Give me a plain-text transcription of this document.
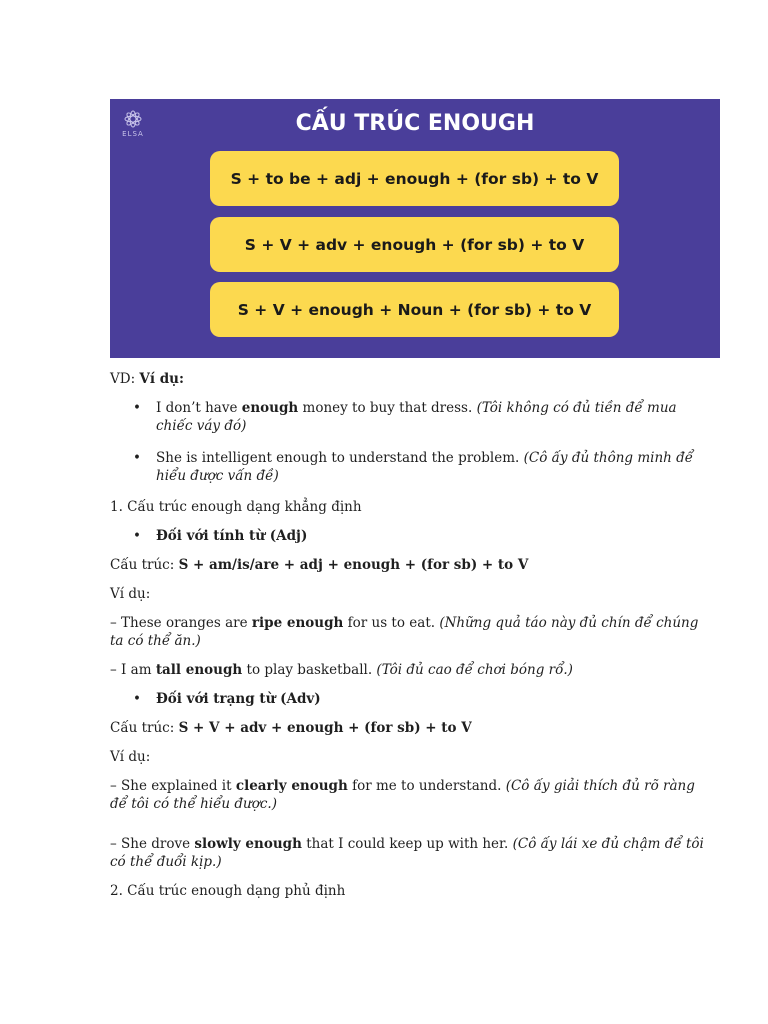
ELSA	CẤU TRÚC ENOUGH
S + to be + adj + enough + (for sb) + to V
S + V + adv + enough + (for sb) + to V
S + V + enough + Noun + (for sb) + to V

VD: Ví dụ:

• I don’t have enough money to buy that dress. (Tôi không có đủ tiền để mua chiếc váy đó)
• She is intelligent enough to understand the problem. (Cô ấy đủ thông minh để hiểu được vấn đề)

1. Cấu trúc enough dạng khẳng định

• Đối với tính từ (Adj)

Cấu trúc: S + am/is/are + adj + enough + (for sb) + to V

Ví dụ:

– These oranges are ripe enough for us to eat. (Những quả táo này đủ chín để chúng ta có thể ăn.)

– I am tall enough to play basketball. (Tôi đủ cao để chơi bóng rổ.)

• Đối với trạng từ (Adv)

Cấu trúc: S + V + adv + enough + (for sb) + to V

Ví dụ:

– She explained it clearly enough for me to understand. (Cô ấy giải thích đủ rõ ràng để tôi có thể hiểu được.)

– She drove slowly enough that I could keep up with her. (Cô ấy lái xe đủ chậm để tôi có thể đuổi kịp.)

2. Cấu trúc enough dạng phủ định
